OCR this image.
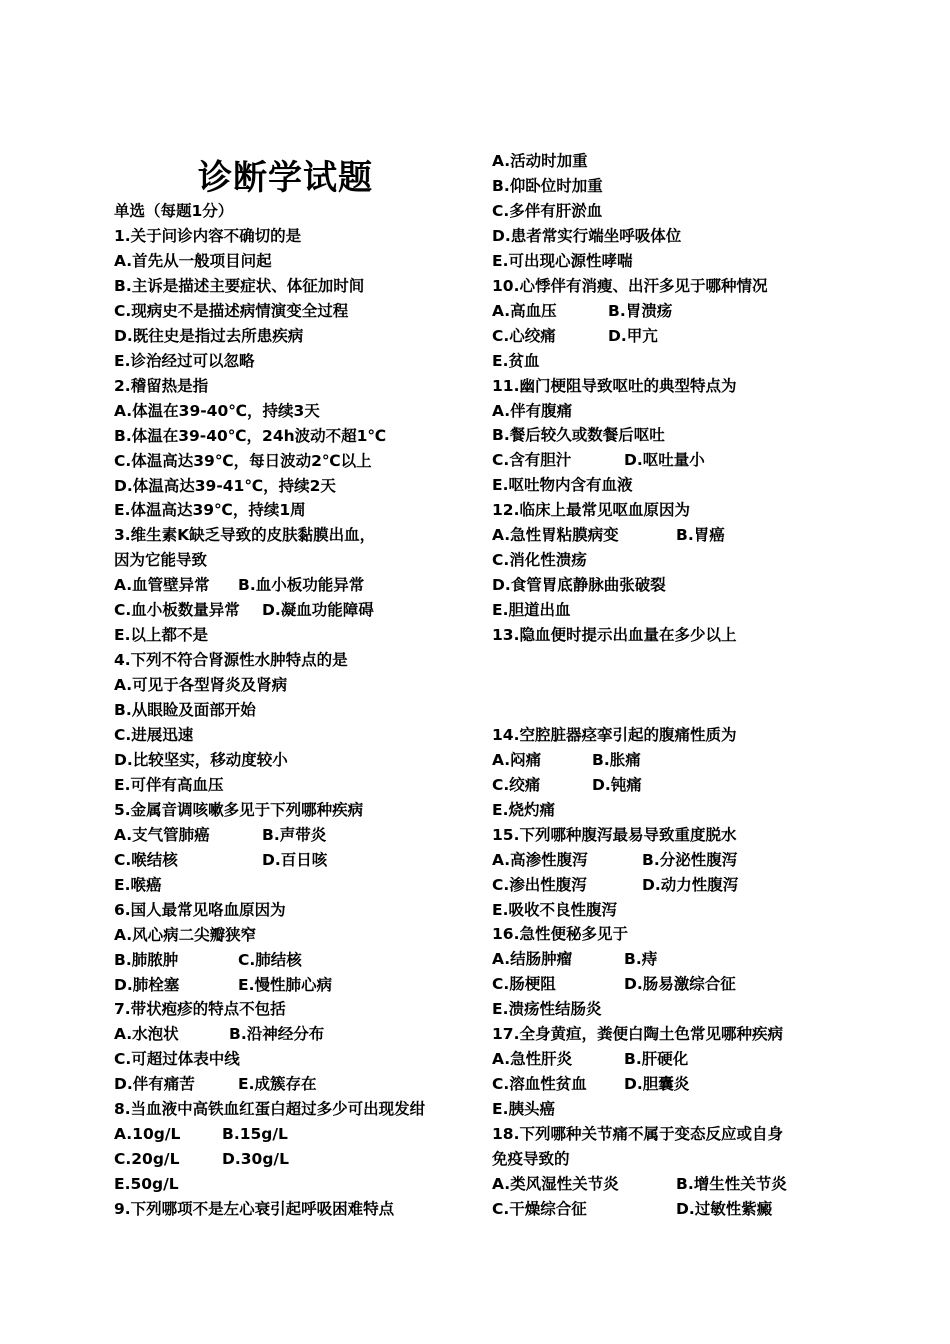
诊断学试题
单选（每题1分）
1.关于问诊内容不确切的是
A.首先从一般项目问起
B.主诉是描述主要症状、体征加时间
C.现病史不是描述病情演变全过程
D.既往史是指过去所患疾病
E.诊治经过可以忽略
2.稽留热是指
A.体温在39-40℃，持续3天
B.体温在39-40℃，24h波动不超1℃
C.体温高达39℃，每日波动2℃以上
D.体温高达39-41℃，持续2天
E.体温高达39℃，持续1周
3.维生素K缺乏导致的皮肤黏膜出血，
因为它能导致
A.血管壁异常 B.血小板功能异常
C.血小板数量异常 D.凝血功能障碍
E.以上都不是
4.下列不符合肾源性水肿特点的是
A.可见于各型肾炎及肾病
B.从眼睑及面部开始
C.进展迅速
D.比较坚实，移动度较小
E.可伴有高血压
5.金属音调咳嗽多见于下列哪种疾病
A.支气管肺癌	B.声带炎
C.喉结核	D.百日咳
E.喉癌
6.国人最常见咯血原因为
A.风心病二尖瓣狭窄
B.肺脓肿	C.肺结核
D.肺栓塞	E.慢性肺心病
7.带状疱疹的特点不包括
A.水泡状	B.沿神经分布
C.可超过体表中线
D.伴有痛苦	E.成簇存在
8.当血液中高铁血红蛋白超过多少可出现发绀
A.10g/L	B.15g/L
C.20g/L	D.30g/L
E.50g/L
9.下列哪项不是左心衰引起呼吸困难特点
A.活动时加重
B.仰卧位时加重
C.多伴有肝淤血
D.患者常实行端坐呼吸体位
E.可出现心源性哮喘
10.心悸伴有消瘦、出汗多见于哪种情况
A.高血压	B.胃溃疡
C.心绞痛	D.甲亢
E.贫血
11.幽门梗阻导致呕吐的典型特点为
A.伴有腹痛
B.餐后较久或数餐后呕吐
C.含有胆汁	D.呕吐量小
E.呕吐物内含有血液
12.临床上最常见呕血原因为
A.急性胃粘膜病变	B.胃癌
C.消化性溃疡
D.食管胃底静脉曲张破裂
E.胆道出血
13.隐血便时提示出血量在多少以上
14.空腔脏器痉挛引起的腹痛性质为
A.闷痛	B.胀痛
C.绞痛	D.钝痛
E.烧灼痛
15.下列哪种腹泻最易导致重度脱水
A.高渗性腹泻	B.分泌性腹泻
C.渗出性腹泻	D.动力性腹泻
E.吸收不良性腹泻
16.急性便秘多见于
A.结肠肿瘤	B.痔
C.肠梗阻	D.肠易激综合征
E.溃疡性结肠炎
17.全身黄疸，粪便白陶土色常见哪种疾病
A.急性肝炎	B.肝硬化
C.溶血性贫血 D.胆囊炎
E.胰头癌
18.下列哪种关节痛不属于变态反应或自身
免疫导致的
A.类风湿性关节炎	B.增生性关节炎
C.干燥综合征	D.过敏性紫癜
